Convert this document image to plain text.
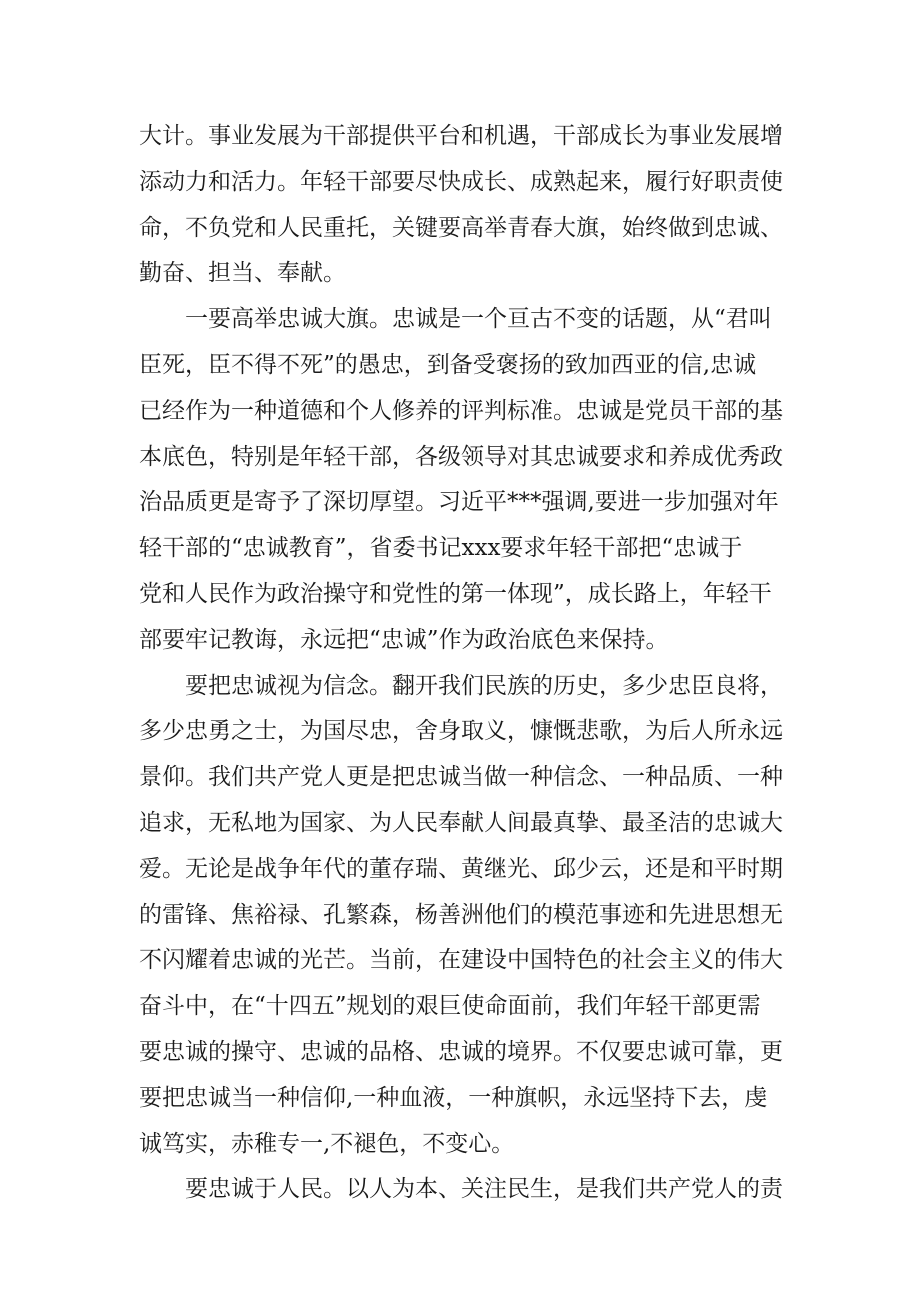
大计。事业发展为干部提供平台和机遇，干部成长为事业发展增
添动力和活力。年轻干部要尽快成长、成熟起来，履行好职责使
命，不负党和人民重托，关键要高举青春大旗，始终做到忠诚、
勤奋、担当、奉献。
一要高举忠诚大旗。忠诚是一个亘古不变的话题，从“君叫
臣死，臣不得不死”的愚忠，到备受褒扬的致加西亚的信,忠诚
已经作为一种道德和个人修养的评判标准。忠诚是党员干部的基
本底色，特别是年轻干部，各级领导对其忠诚要求和养成优秀政
治品质更是寄予了深切厚望。习近平***强调,要进一步加强对年
轻干部的“忠诚教育”，省委书记xxx要求年轻干部把“忠诚于
党和人民作为政治操守和党性的第一体现”，成长路上，年轻干
部要牢记教诲，永远把“忠诚”作为政治底色来保持。
要把忠诚视为信念。翻开我们民族的历史，多少忠臣良将，
多少忠勇之士，为国尽忠，舍身取义，慷慨悲歌，为后人所永远
景仰。我们共产党人更是把忠诚当做一种信念、一种品质、一种
追求，无私地为国家、为人民奉献人间最真挚、最圣洁的忠诚大
爱。无论是战争年代的董存瑞、黄继光、邱少云，还是和平时期
的雷锋、焦裕禄、孔繁森，杨善洲他们的模范事迹和先进思想无
不闪耀着忠诚的光芒。当前，在建设中国特色的社会主义的伟大
奋斗中，在“十四五”规划的艰巨使命面前，我们年轻干部更需
要忠诚的操守、忠诚的品格、忠诚的境界。不仅要忠诚可靠，更
要把忠诚当一种信仰,一种血液，一种旗帜，永远坚持下去，虔
诚笃实，赤稚专一,不褪色，不变心。
要忠诚于人民。以人为本、关注民生，是我们共产党人的责
